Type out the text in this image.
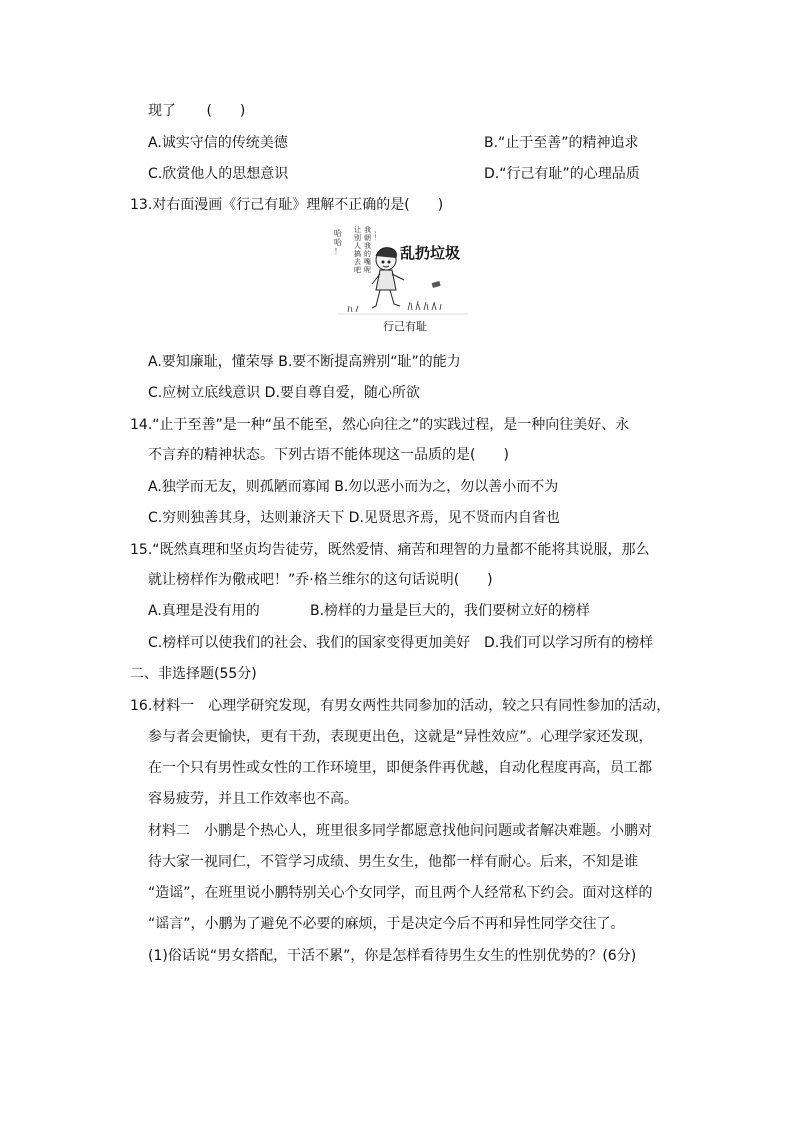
现了 (　　)
A.诚实守信的传统美德	B.“止于至善”的精神追求
C.欣赏他人的思想意识	D.“行己有耻”的心理品质
13.对右面漫画《行己有耻》理解不正确的是(　　)
哈哈！
我朝我的嘴呢
让别人搞去吧
，！
乱扔垃圾
行己有耻
A.要知廉耻，懂荣辱 B.要不断提高辨别“耻”的能力
C.应树立底线意识 D.要自尊自爱，随心所欲
14.“止于至善”是一种“虽不能至，然心向往之”的实践过程，是一种向往美好、永
不言弃的精神状态。下列古语不能体现这一品质的是(　　)
A.独学而无友，则孤陋而寡闻 B.勿以恶小而为之，勿以善小而不为
C.穷则独善其身，达则兼济天下 D.见贤思齐焉，见不贤而内自省也
15.“既然真理和坚贞均告徒劳，既然爱情、痛苦和理智的力量都不能将其说服，那么
就让榜样作为儆戒吧！”乔·格兰维尔的这句话说明(　　)
A.真理是没有用的	B.榜样的力量是巨大的，我们要树立好的榜样
C.榜样可以使我们的社会、我们的国家变得更加美好 D.我们可以学习所有的榜样
二、非选择题(55分)
16.材料一　心理学研究发现，有男女两性共同参加的活动，较之只有同性参加的活动，
参与者会更愉快，更有干劲，表现更出色，这就是“异性效应”。心理学家还发现，
在一个只有男性或女性的工作环境里，即便条件再优越，自动化程度再高，员工都
容易疲劳，并且工作效率也不高。
材料二　小鹏是个热心人，班里很多同学都愿意找他问问题或者解决难题。小鹏对
待大家一视同仁，不管学习成绩、男生女生，他都一样有耐心。后来，不知是谁
“造谣”，在班里说小鹏特别关心个女同学，而且两个人经常私下约会。面对这样的
“谣言”，小鹏为了避免不必要的麻烦，于是决定今后不再和异性同学交往了。
(1)俗话说“男女搭配，干活不累”，你是怎样看待男生女生的性别优势的？(6分)
